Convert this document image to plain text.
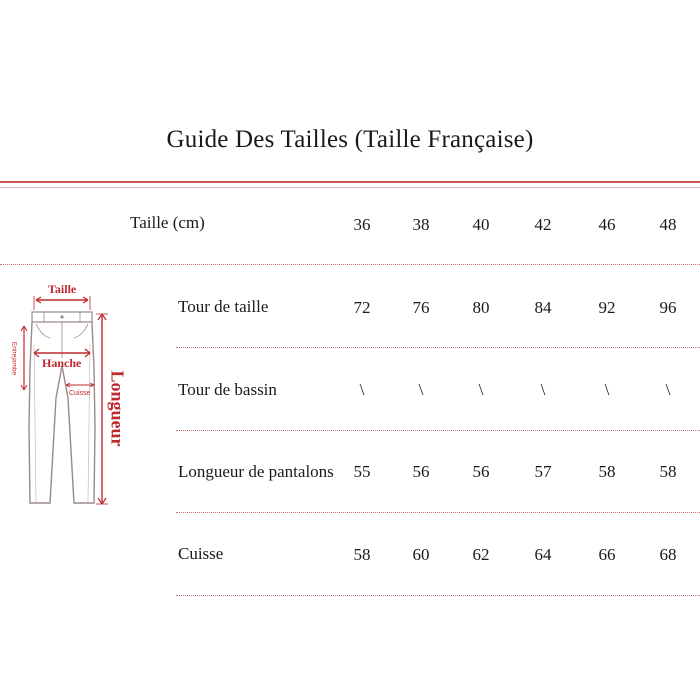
Guide Des Tailles (Taille Française)
Taille (cm)	36	38	40	42	46	48
Tour de taille	72	76	80	84	92	96
Tour de bassin	\	\	\	\	\	\
Longueur de pantalons	55	56	56	57	58	58
Cuisse	58	60	62	64	66	68
Taille
Entrejambe Hanche
Cuisse Longueur
